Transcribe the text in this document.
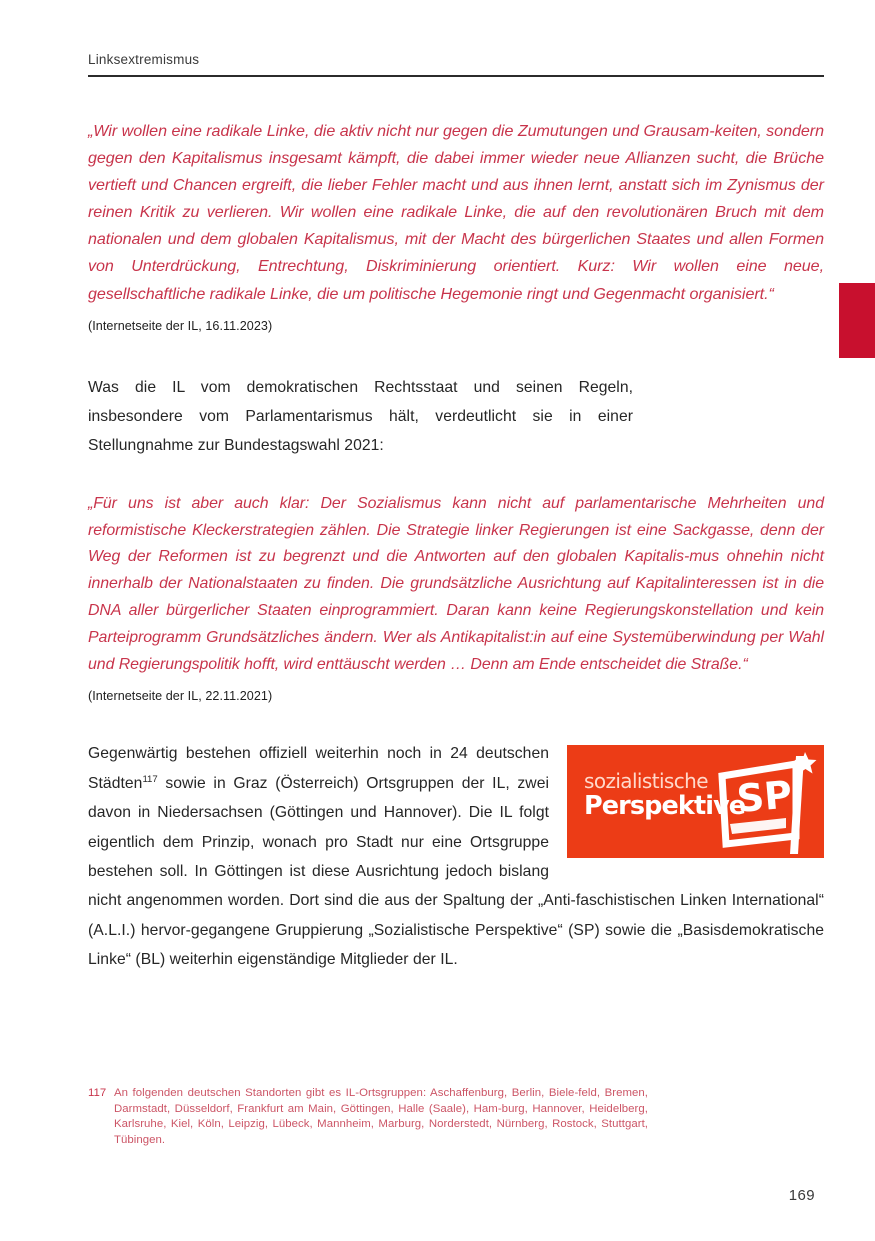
Linksextremismus

„Wir wollen eine radikale Linke, die aktiv nicht nur gegen die Zumutungen und Grausam-keiten, sondern gegen den Kapitalismus insgesamt kämpft, die dabei immer wieder neue Allianzen sucht, die Brüche vertieft und Chancen ergreift, die lieber Fehler macht und aus ihnen lernt, anstatt sich im Zynismus der reinen Kritik zu verlieren. Wir wollen eine radikale Linke, die auf den revolutionären Bruch mit dem nationalen und dem globalen Kapitalismus, mit der Macht des bürgerlichen Staates und allen Formen von Unterdrückung, Entrechtung, Diskriminierung orientiert. Kurz: Wir wollen eine neue, gesellschaftliche radikale Linke, die um politische Hegemonie ringt und Gegenmacht organisiert.“

(Internetseite der IL, 16.11.2023)

Was die IL vom demokratischen Rechtsstaat und seinen Regeln, insbesondere vom Parlamentarismus hält, verdeutlicht sie in einer Stellungnahme zur Bundestagswahl 2021:

„Für uns ist aber auch klar: Der Sozialismus kann nicht auf parlamentarische Mehrheiten und reformistische Kleckerstrategien zählen. Die Strategie linker Regierungen ist eine Sackgasse, denn der Weg der Reformen ist zu begrenzt und die Antworten auf den globalen Kapitalis-mus ohnehin nicht innerhalb der Nationalstaaten zu finden. Die grundsätzliche Ausrichtung auf Kapitalinteressen ist in die DNA aller bürgerlicher Staaten einprogrammiert. Daran kann keine Regierungskonstellation und kein Parteiprogramm Grundsätzliches ändern. Wer als Antikapitalist:in auf eine Systemüberwindung per Wahl und Regierungspolitik hofft, wird enttäuscht werden … Denn am Ende entscheidet die Straße.“

(Internetseite der IL, 22.11.2021)

sozialistische
Perspektive
SP

Gegenwärtig bestehen offiziell weiterhin noch in 24 deutschen Städten$^{117}$ sowie in Graz (Österreich) Ortsgruppen der IL, zwei davon in Niedersachsen (Göttingen und Hannover). Die IL folgt eigentlich dem Prinzip, wonach pro Stadt nur eine Ortsgruppe bestehen soll. In Göttingen ist diese Ausrichtung jedoch bislang nicht angenommen worden. Dort sind die aus der Spaltung der „Anti-faschistischen Linken International“ (A.L.I.) hervor-gegangene Gruppierung „Sozialistische Perspektive“ (SP) sowie die „Basisdemokratische Linke“ (BL) weiterhin eigenständige Mitglieder der IL.

117 An folgenden deutschen Standorten gibt es IL-Ortsgruppen: Aschaffenburg, Berlin, Biele-feld, Bremen, Darmstadt, Düsseldorf, Frankfurt am Main, Göttingen, Halle (Saale), Ham-burg, Hannover, Heidelberg, Karlsruhe, Kiel, Köln, Leipzig, Lübeck, Mannheim, Marburg, Norderstedt, Nürnberg, Rostock, Stuttgart, Tübingen.
169
